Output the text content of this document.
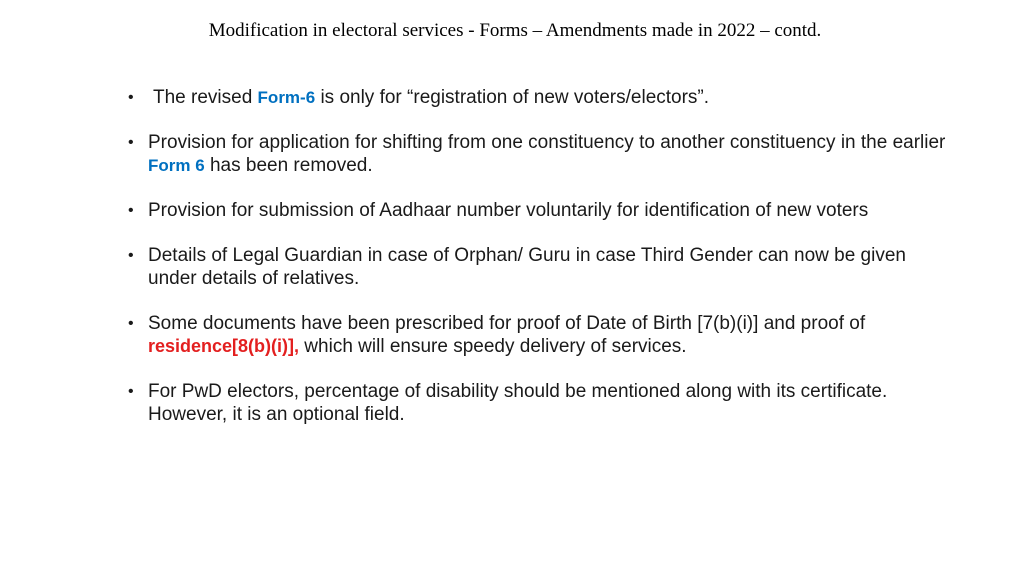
Modification in electoral services - Forms – Amendments made in 2022 – contd.
• The revised Form-6 is only for “registration of new voters/electors”.
• Provision for application for shifting from one constituency to another constituency in the earlier Form 6 has been removed.
• Provision for submission of Aadhaar number voluntarily for identification of new voters
• Details of Legal Guardian in case of Orphan/ Guru in case Third Gender can now be given under details of relatives.
• Some documents have been prescribed for proof of Date of Birth [7(b)(i)] and proof of residence[8(b)(i)], which will ensure speedy delivery of services.
• For PwD electors, percentage of disability should be mentioned along with its certificate. However, it is an optional field.
